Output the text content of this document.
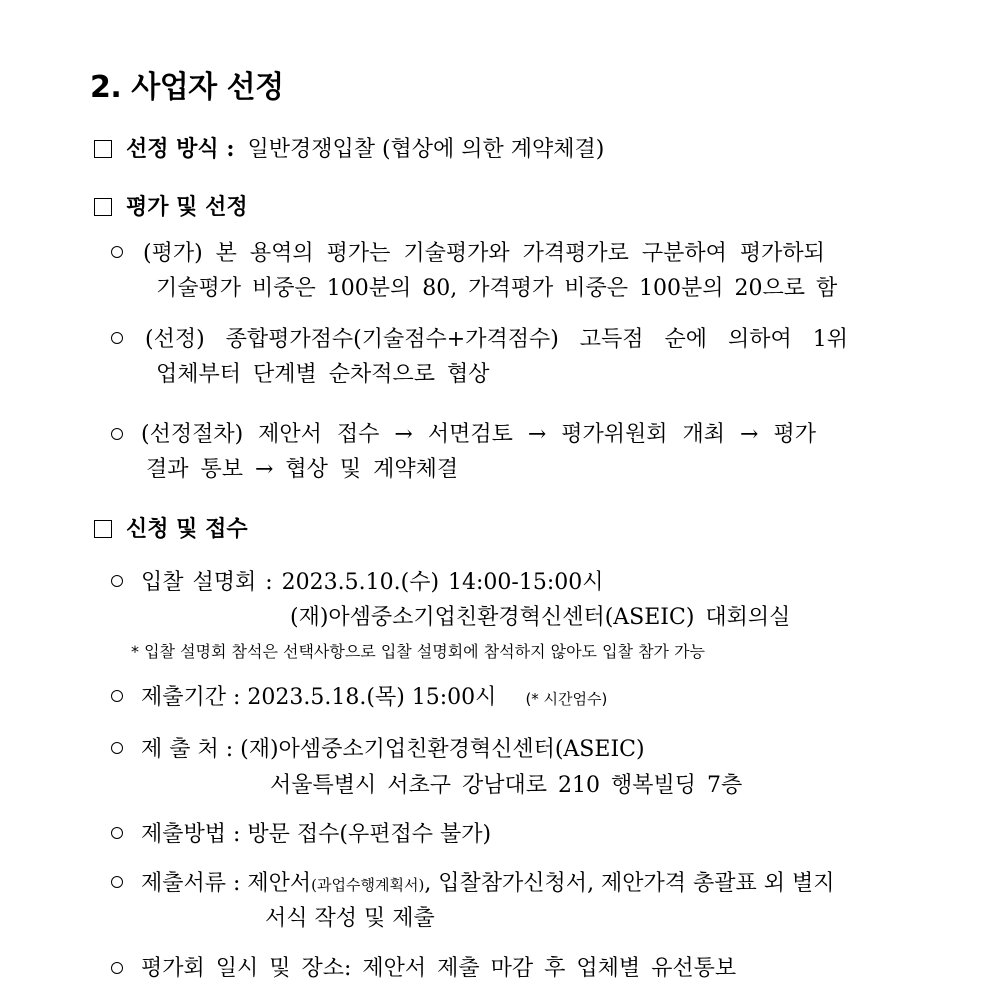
2. 사업자 선정
선정 방식 : 일반경쟁입찰 (협상에 의한 계약체결)
평가 및 선정
(평가) 본 용역의 평가는 기술평가와 가격평가로 구분하여 평가하되
기술평가 비중은 100분의 80, 가격평가 비중은 100분의 20으로 함
(선정) 종합평가점수(기술점수+가격점수) 고득점 순에 의하여 1위
업체부터 단계별 순차적으로 협상
(선정절차) 제안서 접수 → 서면검토 → 평가위원회 개최 → 평가
결과 통보 → 협상 및 계약체결
신청 및 접수
입찰 설명회 : 2023.5.10.(수) 14:00-15:00시
(재)아셈중소기업친환경혁신센터(ASEIC) 대회의실
* 입찰 설명회 참석은 선택사항으로 입찰 설명회에 참석하지 않아도 입찰 참가 가능
제출기간 : 2023.5.18.(목) 15:00시 (* 시간엄수)
제 출 처 : (재)아셈중소기업친환경혁신센터(ASEIC)
서울특별시 서초구 강남대로 210 행복빌딩 7층
제출방법 : 방문 접수(우편접수 불가)
제출서류 : 제안서(과업수행계획서), 입찰참가신청서, 제안가격 총괄표 외 별지
서식 작성 및 제출
평가회 일시 및 장소: 제안서 제출 마감 후 업체별 유선통보
